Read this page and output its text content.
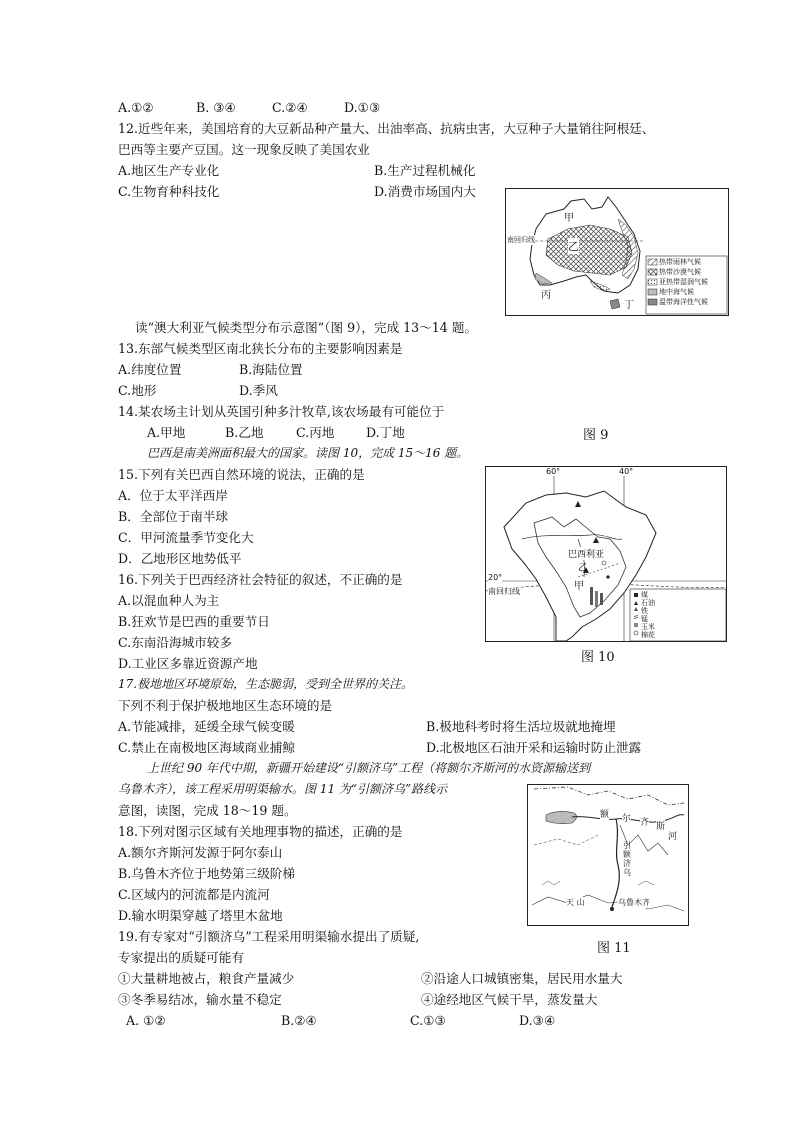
A.①②	B. ③④	C.②④	D.①③
12.近些年来，美国培育的大豆新品种产量大、出油率高、抗病虫害，大豆种子大量销往阿根廷、
巴西等主要产豆国。这一现象反映了美国农业
A.地区生产专业化	B.生产过程机械化
C.生物育种科技化	D.消费市场国内大
甲
乙
丙
丁
南回归线
热带雨林气候
热带沙漠气候
亚热带湿润气候
地中海气候
温带海洋性气候
读“澳大利亚气候类型分布示意图”（图 9），完成 13～14 题。
13.东部气候类型区南北狭长分布的主要影响因素是
A.纬度位置	B.海陆位置
C.地形	D.季风
14.某农场主计划从英国引种多汁牧草,该农场最有可能位于
A.甲地	B.乙地	C.丙地	D.丁地	图 9
巴西是南美洲面积最大的国家。读图 10，完成 15～16 题。
60°	40°
20°
巴西利亚
乙
甲
南回归线	煤
石油
铁
锰
玉米
棉花
15.下列有关巴西自然环境的说法，正确的是
A．位于太平洋西岸
B．全部位于南半球
C．甲河流量季节变化大
D．乙地形区地势低平
16.下列关于巴西经济社会特征的叙述，不正确的是
A.以混血种人为主
B.狂欢节是巴西的重要节日
C.东南沿海城市较多
D.工业区多靠近资源产地	图 10
17.极地地区环境原始，生态脆弱，受到全世界的关注。
下列不利于保护极地地区生态环境的是
A.节能减排，延缓全球气候变暖	B.极地科考时将生活垃圾就地掩埋
C.禁止在南极地区海域商业捕鲸	D.北极地区石油开采和运输时防止泄露
上世纪 90 年代中期，新疆开始建设“引额济乌”工程（将额尔齐斯河的水资源输送到
乌鲁木齐），该工程采用明渠输水。图 11 为“引额济乌”路线示
意图，读图，完成 18～19 题。	额 尔 齐 斯
河
引额济乌
乌鲁木齐
天 山
18.下列对图示区域有关地理事物的描述，正确的是
A.额尔齐斯河发源于阿尔泰山
B.乌鲁木齐位于地势第三级阶梯
C.区域内的河流都是内流河
D.输水明渠穿越了塔里木盆地
19.有专家对“引额济乌”工程采用明渠输水提出了质疑,
图 11
专家提出的质疑可能有
①大量耕地被占，粮食产量减少	②沿途人口城镇密集，居民用水量大
③冬季易结冰，输水量不稳定	④途经地区气候干旱，蒸发量大
A. ①②	B.②④	C.①③	D.③④
